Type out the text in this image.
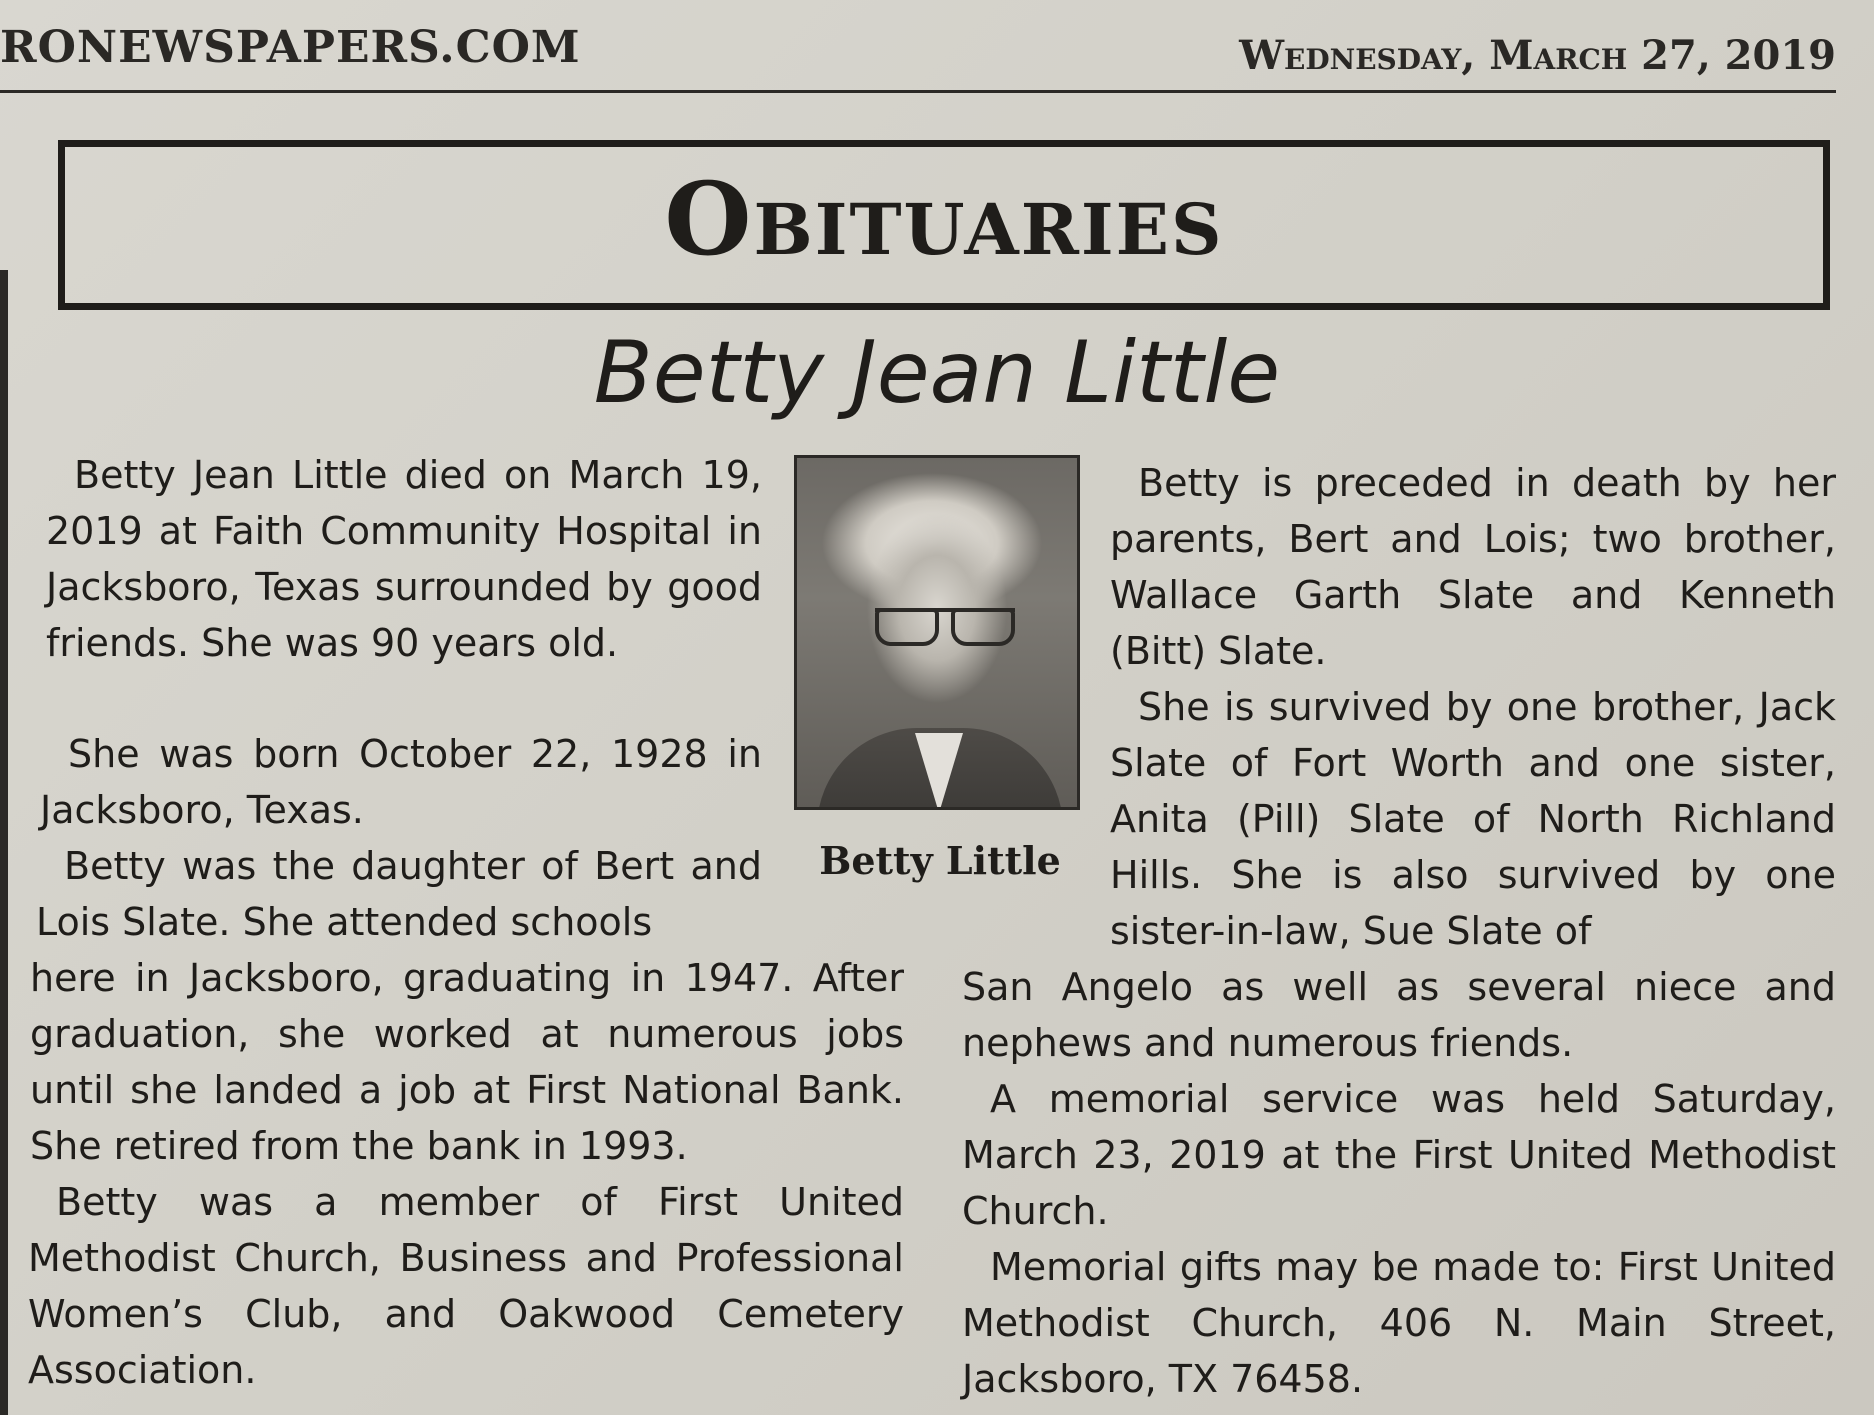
RONEWSPAPERS.COM	Wednesday, March 27, 2019
Obituaries
Betty Jean Little
Betty Little

Betty Jean Little died on March 19, 2019 at Faith Community Hospital in Jacksboro, Texas surrounded by good friends. She was 90 years old.

She was born October 22, 1928 in Jacksboro, Texas.

Betty was the daughter of Bert and Lois Slate. She attended schools

here in Jacksboro, graduating in 1947. After graduation, she worked at numerous jobs until she landed a job at First National Bank. She retired from the bank in 1993.

Betty was a member of First United Methodist Church, Business and Professional Women’s Club, and Oakwood Cemetery Association.

Betty is preceded in death by her parents, Bert and Lois; two brother, Wallace Garth Slate and Kenneth (Bitt) Slate.

She is survived by one brother, Jack Slate of Fort Worth and one sister, Anita (Pill) Slate of North Richland Hills. She is also survived by one sister-in-law, Sue Slate of

San Angelo as well as several niece and nephews and numerous friends.

A memorial service was held Saturday, March 23, 2019 at the First United Methodist Church.

Memorial gifts may be made to: First United Methodist Church, 406 N. Main Street, Jacksboro, TX 76458.
